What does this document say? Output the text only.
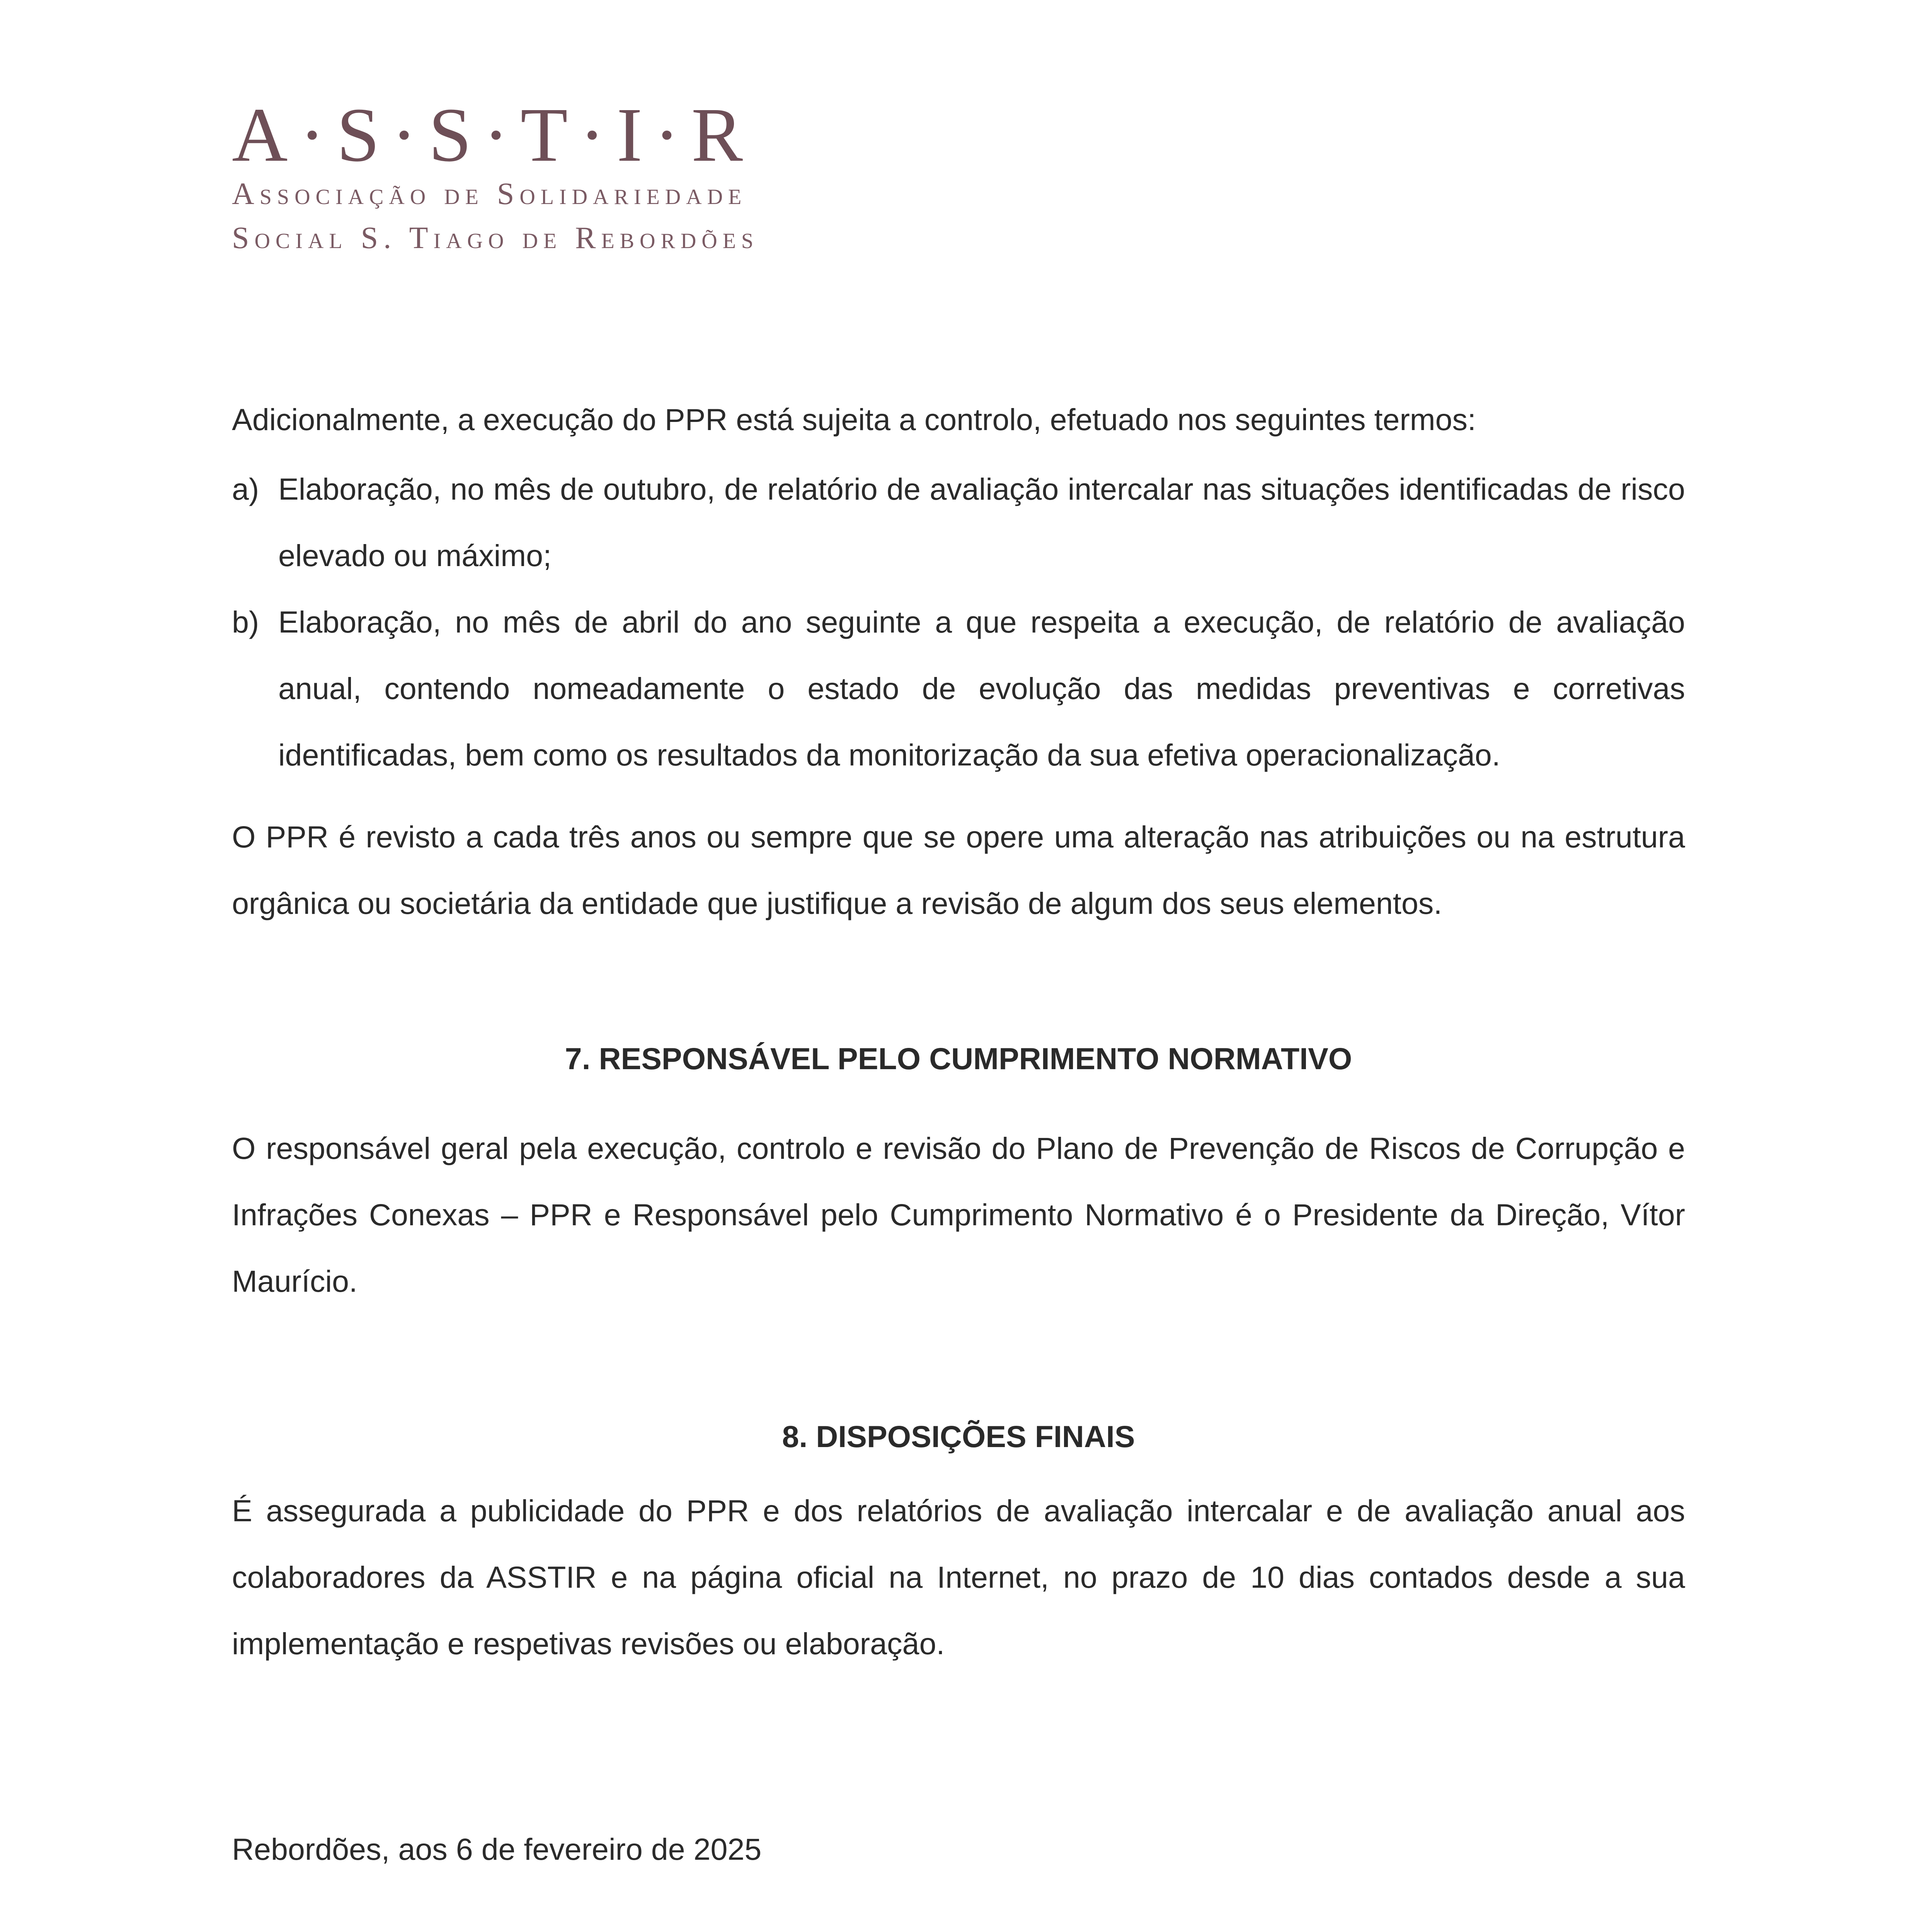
A·S·S·T·I·R
Associação de Solidariedade
Social S. Tiago de Rebordões

Adicionalmente, a execução do PPR está sujeita a controlo, efetuado nos seguintes termos:

a) Elaboração, no mês de outubro, de relatório de avaliação intercalar nas situações identificadas de risco elevado ou máximo;
b) Elaboração, no mês de abril do ano seguinte a que respeita a execução, de relatório de avaliação anual, contendo nomeadamente o estado de evolução das medidas preventivas e corretivas identificadas, bem como os resultados da monitorização da sua efetiva operacionalização.

O PPR é revisto a cada três anos ou sempre que se opere uma alteração nas atribuições ou na estrutura orgânica ou societária da entidade que justifique a revisão de algum dos seus elementos.

7. RESPONSÁVEL PELO CUMPRIMENTO NORMATIVO

O responsável geral pela execução, controlo e revisão do Plano de Prevenção de Riscos de Corrupção e Infrações Conexas – PPR e Responsável pelo Cumprimento Normativo é o Presidente da Direção, Vítor Maurício.

8. DISPOSIÇÕES FINAIS

É assegurada a publicidade do PPR e dos relatórios de avaliação intercalar e de avaliação anual aos colaboradores da ASSTIR e na página oficial na Internet, no prazo de 10 dias contados desde a sua implementação e respetivas revisões ou elaboração.

Rebordões, aos 6 de fevereiro de 2025
